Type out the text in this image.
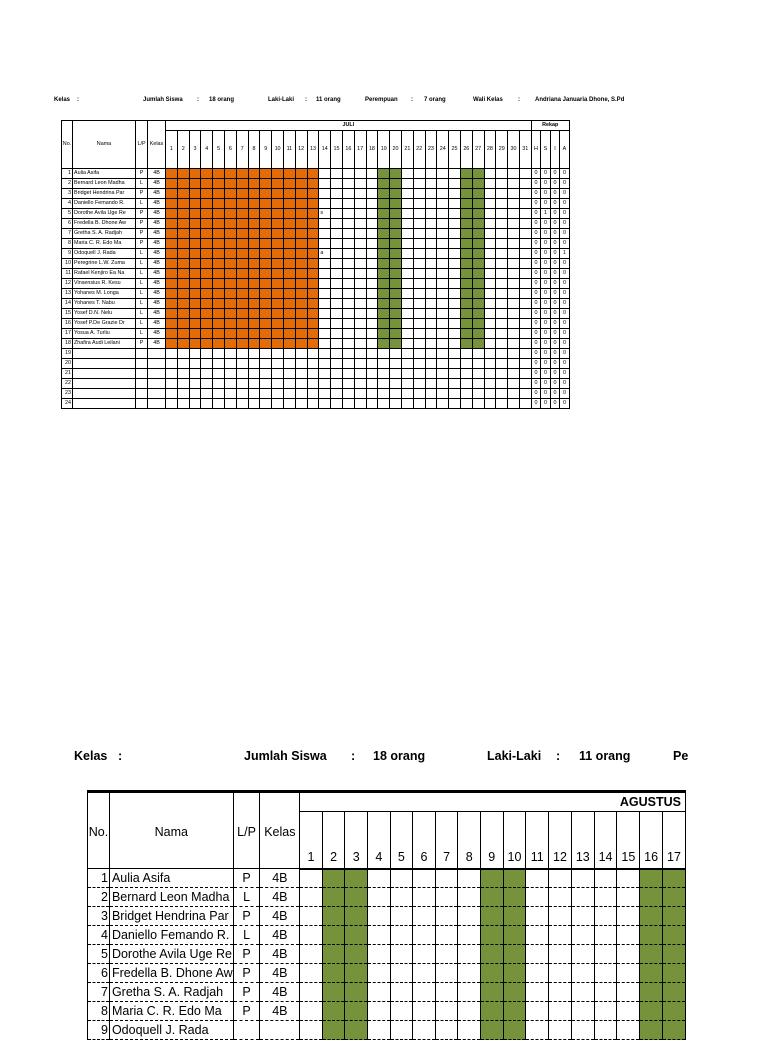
Kelas :	Jumlah Siswa : 18 orang	Laki-Laki : 11 orang	Perempuan : 7 orang	Wali Kelas	:	Andriana Januaria Dhone, S.Pd
No.	Nama	L/P	Kelas	JULI																															Rekap			
				1	2	3	4	5	6	7	8	9	10	11	12	13	14	15	16	17	18	19	20	21	22	23	24	25	26	27	28	29	30	31	H	S	I	A
1	Aulia Asifa	P	4B																																0	0	0	0
2	Bernard Leon Madha	L	4B																																0	0	0	0
3	Bridget Hendrina Par	P	4B																																0	0	0	0
4	Daniello Femando R.	L	4B																																0	0	0	0
5	Dorothe Avila Uge Re	P	4B														s																		0	1	0	0
6	Fredella B. Dhone Aw	P	4B																																0	0	0	0
7	Gretha S. A. Radjah	P	4B																																0	0	0	0
8	Maria C. R. Edo Ma	P	4B																																0	0	0	0
9	Odoquell J. Rada	L	4B														a																		0	0	0	1
10	Peregrine L.W. Zuma	L	4B																																0	0	0	0
11	Rafael Kenjiro Ea Na	L	4B																																0	0	0	0
12	Vinsensius R. Kesu	L	4B																																0	0	0	0
13	Yohanes M. Longa	L	4B																																0	0	0	0
14	Yohanes T. Nabu	L	4B																																0	0	0	0
15	Yosef D.N. Nelu	L	4B																																0	0	0	0
16	Yosef P.De Grazie Dr	L	4B																																0	0	0	0
17	Yosua A. Turliu	L	4B																																0	0	0	0
18	Zhafira Audi Leilani	P	4B																																0	0	0	0
19																																			0	0	0	0
20																																			0	0	0	0
21																																			0	0	0	0
22																																			0	0	0	0
23																																			0	0	0	0
24																																			0	0	0	0
Kelas :	Jumlah Siswa : 18 orang	Laki-Laki : 11 orang	Pe
No.	Nama	L/P	Kelas	AGUSTUS																
				1	2	3	4	5	6	7	8	9	10	11	12	13	14	15	16	17
1	Aulia Asifa	P	4B																	
2	Bernard Leon Madha	L	4B																	
3	Bridget Hendrina Par	P	4B																	
4	Daniello Femando R.	L	4B																	
5	Dorothe Avila Uge Re	P	4B																	
6	Fredella B. Dhone Aw	P	4B																	
7	Gretha S. A. Radjah	P	4B																	
8	Maria C. R. Edo Ma	P	4B																	
9	Odoquell J. Rada																			
